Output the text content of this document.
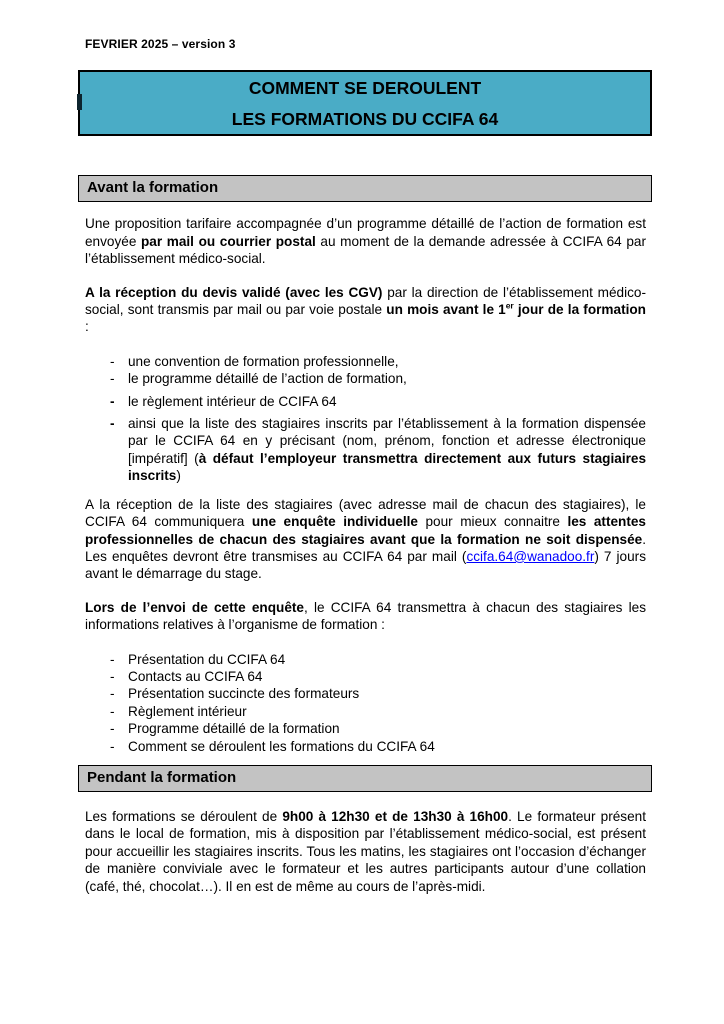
FEVRIER 2025 – version 3
COMMENT SE DEROULENT
LES FORMATIONS DU CCIFA 64
Avant la formation

Une proposition tarifaire accompagnée d’un programme détaillé de l’action de formation est envoyée par mail ou courrier postal au moment de la demande adressée à CCIFA 64 par l’établissement médico-social.

A la réception du devis validé (avec les CGV) par la direction de l’établissement médico-social, sont transmis par mail ou par voie postale un mois avant le 1er jour de la formation :

- une convention de formation professionnelle,
- le programme détaillé de l’action de formation,
- le règlement intérieur de CCIFA 64
- ainsi que la liste des stagiaires inscrits par l’établissement à la formation dispensée par le CCIFA 64 en y précisant (nom, prénom, fonction et adresse électronique [impératif] (à défaut l’employeur transmettra directement aux futurs stagiaires inscrits)

A la réception de la liste des stagiaires (avec adresse mail de chacun des stagiaires), le CCIFA 64 communiquera une enquête individuelle pour mieux connaitre les attentes professionnelles de chacun des stagiaires avant que la formation ne soit dispensée. Les enquêtes devront être transmises au CCIFA 64 par mail (ccifa.64@wanadoo.fr) 7 jours avant le démarrage du stage.

Lors de l’envoi de cette enquête, le CCIFA 64 transmettra à chacun des stagiaires les informations relatives à l’organisme de formation :

- Présentation du CCIFA 64
- Contacts au CCIFA 64
- Présentation succincte des formateurs
- Règlement intérieur
- Programme détaillé de la formation
- Comment se déroulent les formations du CCIFA 64
Pendant la formation

Les formations se déroulent de 9h00 à 12h30 et de 13h30 à 16h00. Le formateur présent dans le local de formation, mis à disposition par l’établissement médico-social, est présent pour accueillir les stagiaires inscrits. Tous les matins, les stagiaires ont l’occasion d’échanger de manière conviviale avec le formateur et les autres participants autour d’une collation (café, thé, chocolat…). Il en est de même au cours de l’après-midi.
